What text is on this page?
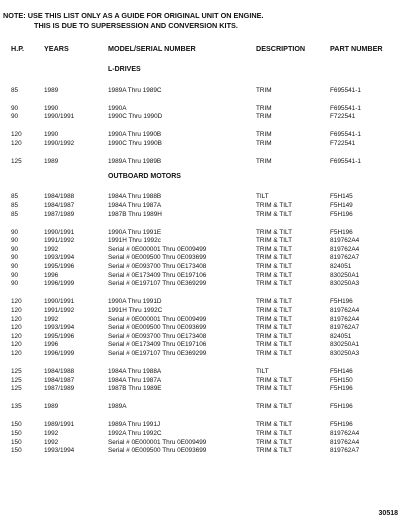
NOTE: USE THIS LIST ONLY AS A GUIDE FOR ORIGINAL UNIT ON ENGINE.
THIS IS DUE TO SUPERSESSION AND CONVERSION KITS.
H.P.	YEARS	MODEL/SERIAL NUMBER	DESCRIPTION	PART NUMBER
L-DRIVES
85	1989	1989A Thru 1989C	TRIM	F695541-1
90	1990	1990A	TRIM	F695541-1
90	1990/1991	1990C Thru 1990D	TRIM	F722541
120	1990	1990A Thru 1990B	TRIM	F695541-1
120	1990/1992	1990C Thru 1990B	TRIM	F722541
125	1989	1989A Thru 1989B	TRIM	F695541-1
OUTBOARD MOTORS
85	1984/1988	1984A Thru 1988B	TILT	F5H145
85	1984/1987	1984A Thru 1987A	TRIM & TILT	F5H149
85	1987/1989	1987B Thru 1989H	TRIM & TILT	F5H196
90	1990/1991	1990A Thru 1991E	TRIM & TILT	F5H196
90	1991/1992	1991H Thru 1992c	TRIM & TILT	819762A4
90	1992	Serial # 0E000001 Thru 0E009499	TRIM & TILT	819762A4
90	1993/1994	Serial # 0E009500 Thru 0E093699	TRIM & TILT	819762A7
90	1995/1996	Serial # 0E093700 Thru 0E173408	TRIM & TILT	824051
90	1996	Serial # 0E173409 Thru 0E197106	TRIM & TILT	830250A1
90	1996/1999	Serial # 0E197107 Thru 0E369299	TRIM & TILT	830250A3
120	1990/1991	1990A Thru 1991D	TRIM & TILT	F5H196
120	1991/1992	1991H Thru 1992C	TRIM & TILT	819762A4
120	1992	Serial # 0E000001 Thru 0E009499	TRIM & TILT	819762A4
120	1993/1994	Serial # 0E009500 Thru 0E093699	TRIM & TILT	819762A7
120	1995/1996	Serial # 0E093700 Thru 0E173408	TRIM & TILT	824051
120	1996	Serial # 0E173409 Thru 0E197106	TRIM & TILT	830250A1
120	1996/1999	Serial # 0E197107 Thru 0E369299	TRIM & TILT	830250A3
125	1984/1988	1984A Thru 1988A	TILT	F5H146
125	1984/1987	1984A Thru 1987A	TRIM & TILT	F5H150
125	1987/1989	1987B Thru 1989E	TRIM & TILT	F5H196
135	1989	1989A	TRIM & TILT	F5H196
150	1989/1991	1989A Thru 1991J	TRIM & TILT	F5H196
150	1992	1992A Thru 1992C	TRIM & TILT	819762A4
150	1992	Serial # 0E000001 Thru 0E009499	TRIM & TILT	819762A4
150	1993/1994	Serial # 0E009500 Thru 0E093699	TRIM & TILT	819762A7
30518
